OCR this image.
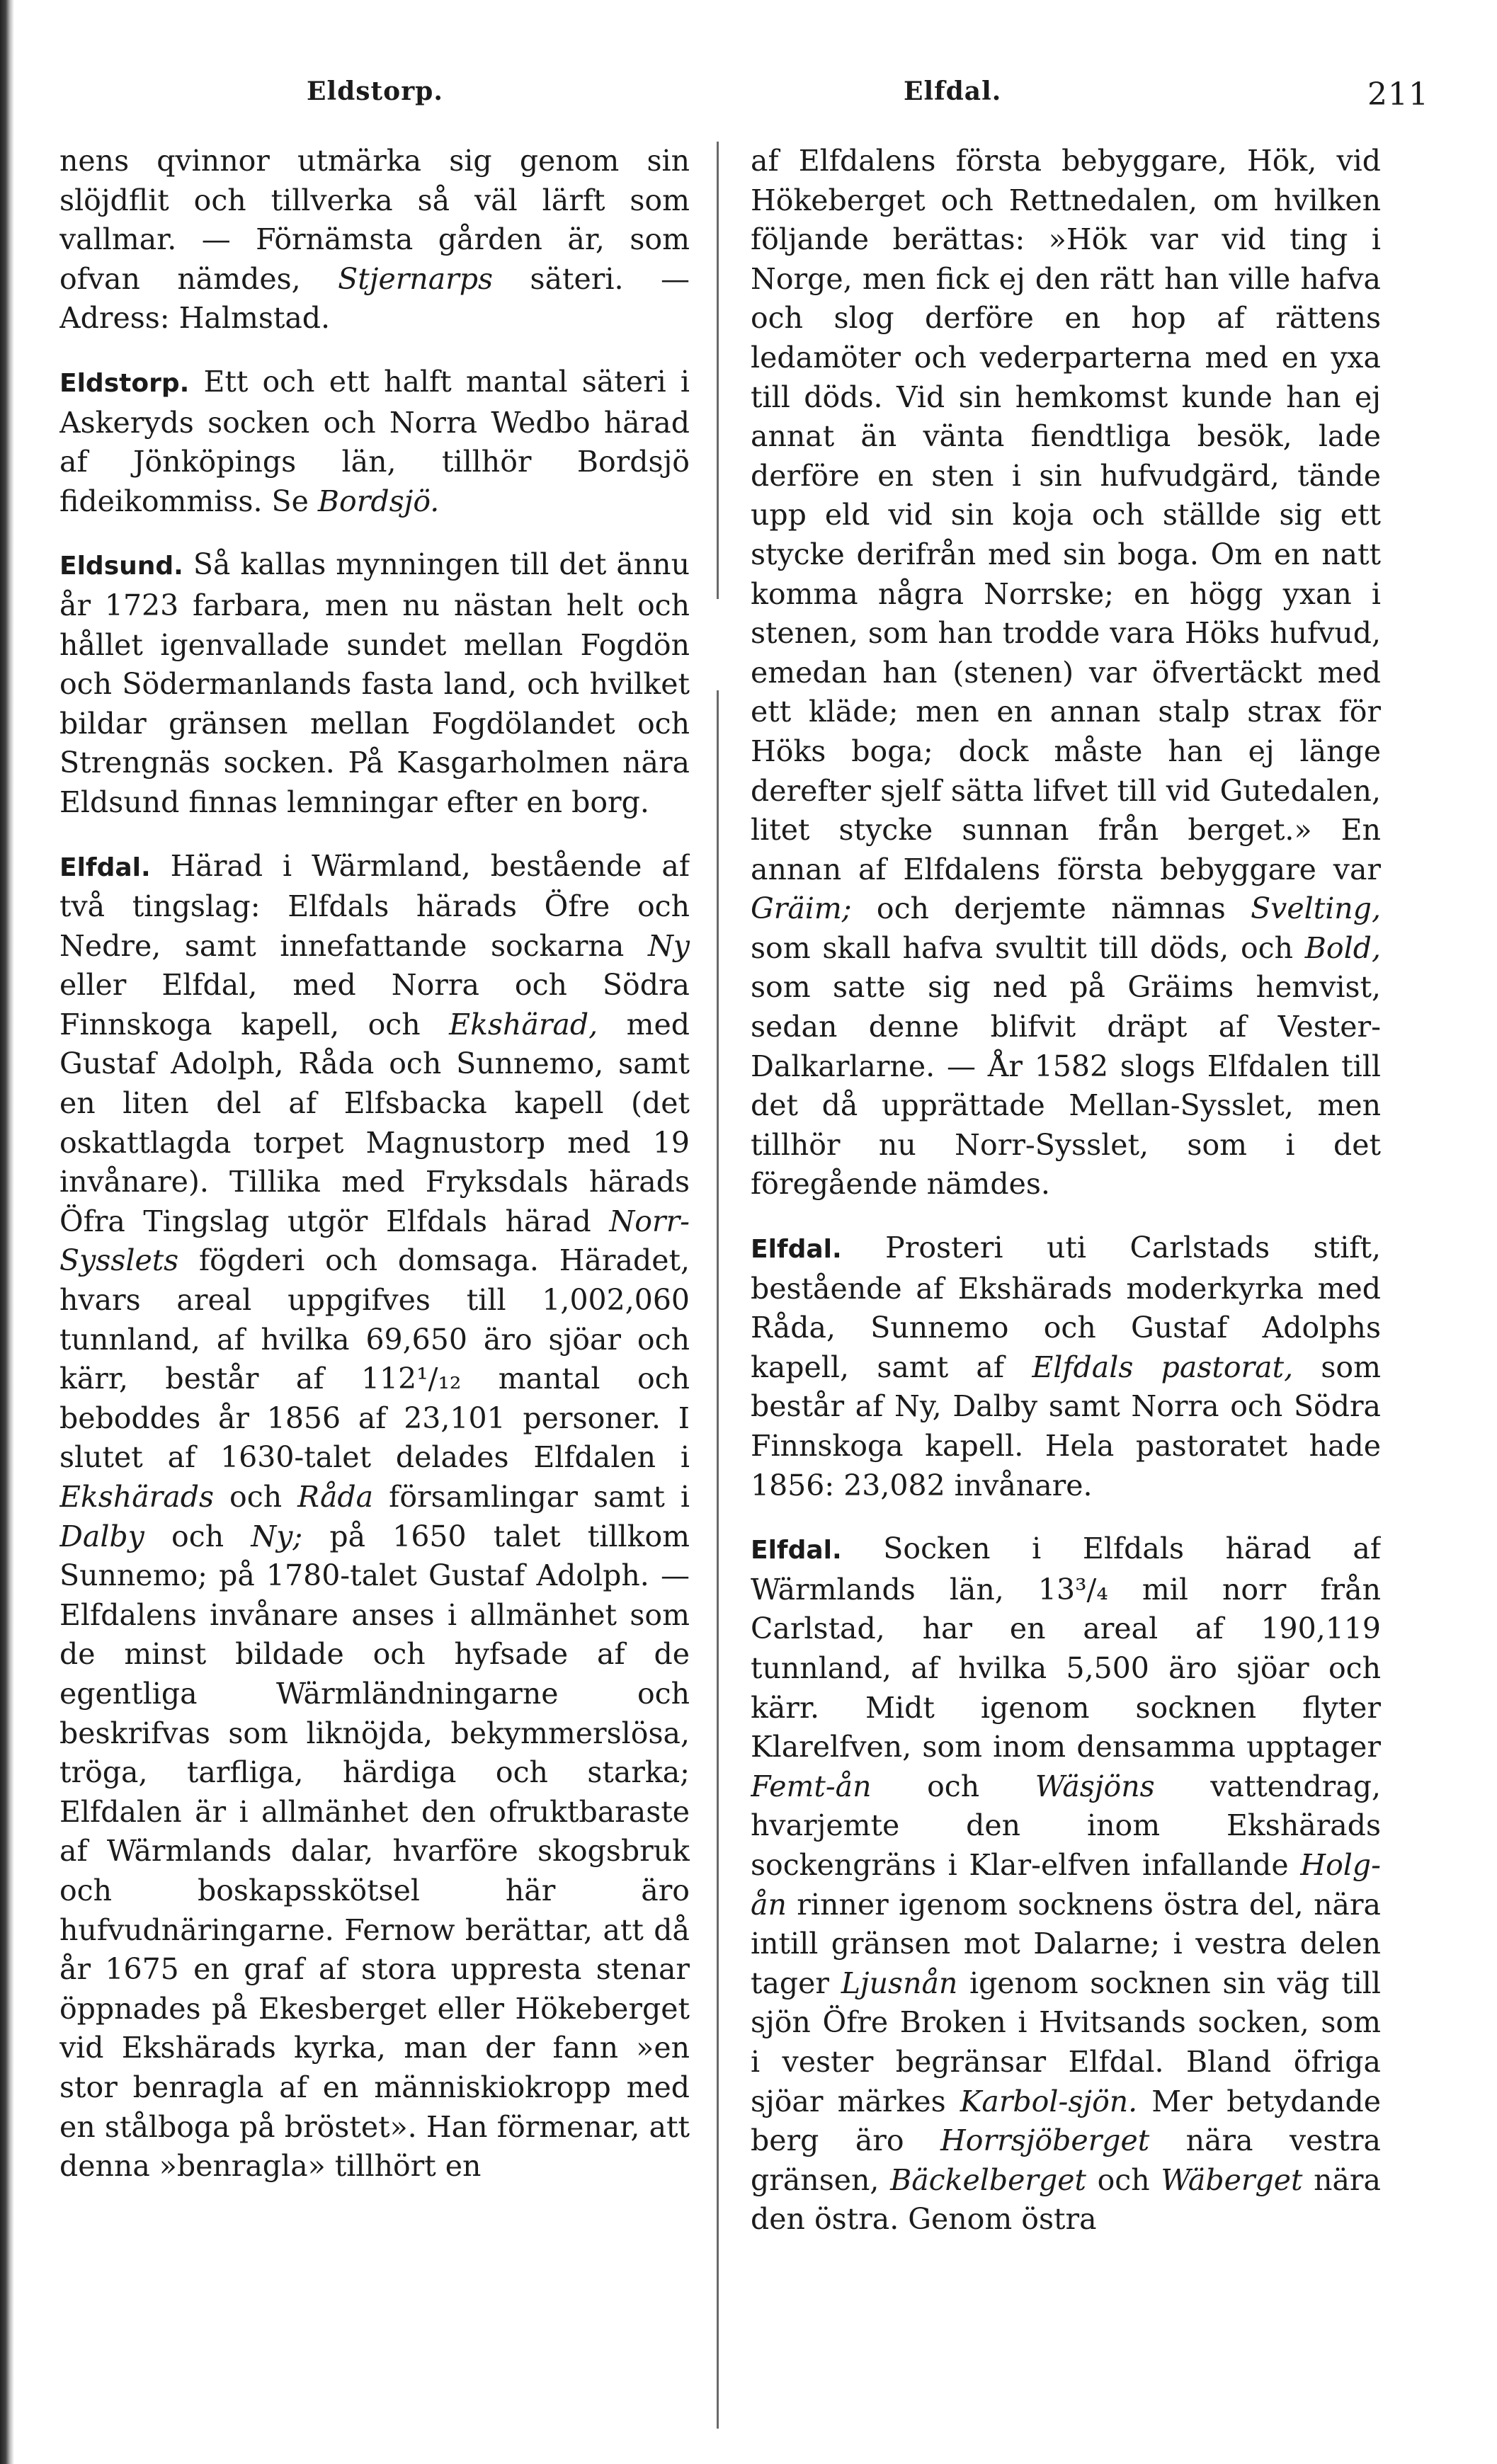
Eldstorp.	Elfdal.	211

nens qvinnor utmärka sig genom sin slöjdflit och tillverka så väl lärft som vallmar. — Förnämsta gården är, som ofvan nämdes, Stjernarps säteri. — Adress: Halmstad.

Eldstorp. Ett och ett halft mantal säteri i Askeryds socken och Norra Wedbo härad af Jönköpings län, tillhör Bordsjö fideikommiss. Se Bordsjö.

Eldsund. Så kallas mynningen till det ännu år 1723 farbara, men nu nästan helt och hållet igenvallade sundet mellan Fogdön och Södermanlands fasta land, och hvilket bildar gränsen mellan Fogdölandet och Strengnäs socken. På Kasgarholmen nära Eldsund finnas lemningar efter en borg.

Elfdal. Härad i Wärmland, bestående af två tingslag: Elfdals härads Öfre och Nedre, samt innefattande sockarna Ny eller Elfdal, med Norra och Södra Finnskoga kapell, och Ekshärad, med Gustaf Adolph, Råda och Sunnemo, samt en liten del af Elfsbacka kapell (det oskattlagda torpet Magnustorp med 19 invånare). Tillika med Fryksdals härads Öfra Tingslag utgör Elfdals härad Norr-Sysslets fögderi och domsaga. Häradet, hvars areal uppgifves till 1,002,060 tunnland, af hvilka 69,650 äro sjöar och kärr, består af 112¹/₁₂ mantal och beboddes år 1856 af 23,101 personer. I slutet af 1630-talet delades Elfdalen i Ekshärads och Råda församlingar samt i Dalby och Ny; på 1650 talet tillkom Sunnemo; på 1780-talet Gustaf Adolph. — Elfdalens invånare anses i allmänhet som de minst bildade och hyfsade af de egentliga Wärmländningarne och beskrifvas som liknöjda, bekymmerslösa, tröga, tarfliga, härdiga och starka; Elfdalen är i allmänhet den ofruktbaraste af Wärmlands dalar, hvarföre skogsbruk och boskapsskötsel här äro hufvudnäringarne. Fernow berättar, att då år 1675 en graf af stora uppresta stenar öppnades på Ekesberget eller Hökeberget vid Ekshärads kyrka, man der fann »en stor benragla af en människiokropp med en stålboga på bröstet». Han förmenar, att denna »benragla» tillhört en

af Elfdalens första bebyggare, Hök, vid Hökeberget och Rettnedalen, om hvilken följande berättas: »Hök var vid ting i Norge, men fick ej den rätt han ville hafva och slog derföre en hop af rättens ledamöter och vederparterna med en yxa till döds. Vid sin hemkomst kunde han ej annat än vänta fiendtliga besök, lade derföre en sten i sin hufvudgärd, tände upp eld vid sin koja och ställde sig ett stycke derifrån med sin boga. Om en natt komma några Norrske; en högg yxan i stenen, som han trodde vara Höks hufvud, emedan han (stenen) var öfvertäckt med ett kläde; men en annan stalp strax för Höks boga; dock måste han ej länge derefter sjelf sätta lifvet till vid Gutedalen, litet stycke sunnan från berget.» En annan af Elfdalens första bebyggare var Gräim; och derjemte nämnas Svelting, som skall hafva svultit till döds, och Bold, som satte sig ned på Gräims hemvist, sedan denne blifvit dräpt af Vester-Dalkarlarne. — År 1582 slogs Elfdalen till det då upprättade Mellan-Sysslet, men tillhör nu Norr-Sysslet, som i det föregående nämdes.

Elfdal. Prosteri uti Carlstads stift, bestående af Ekshärads moderkyrka med Råda, Sunnemo och Gustaf Adolphs kapell, samt af Elfdals pastorat, som består af Ny, Dalby samt Norra och Södra Finnskoga kapell. Hela pastoratet hade 1856: 23,082 invånare.

Elfdal. Socken i Elfdals härad af Wärmlands län, 13³/₄ mil norr från Carlstad, har en areal af 190,119 tunnland, af hvilka 5,500 äro sjöar och kärr. Midt igenom socknen flyter Klarelfven, som inom densamma upptager Femt-ån och Wäsjöns vattendrag, hvarjemte den inom Ekshärads sockengräns i Klar-elfven infallande Holg-ån rinner igenom socknens östra del, nära intill gränsen mot Dalarne; i vestra delen tager Ljusnån igenom socknen sin väg till sjön Öfre Broken i Hvitsands socken, som i vester begränsar Elfdal. Bland öfriga sjöar märkes Karbol-sjön. Mer betydande berg äro Horrsjöberget nära vestra gränsen, Bäckelberget och Wäberget nära den östra. Genom östra
